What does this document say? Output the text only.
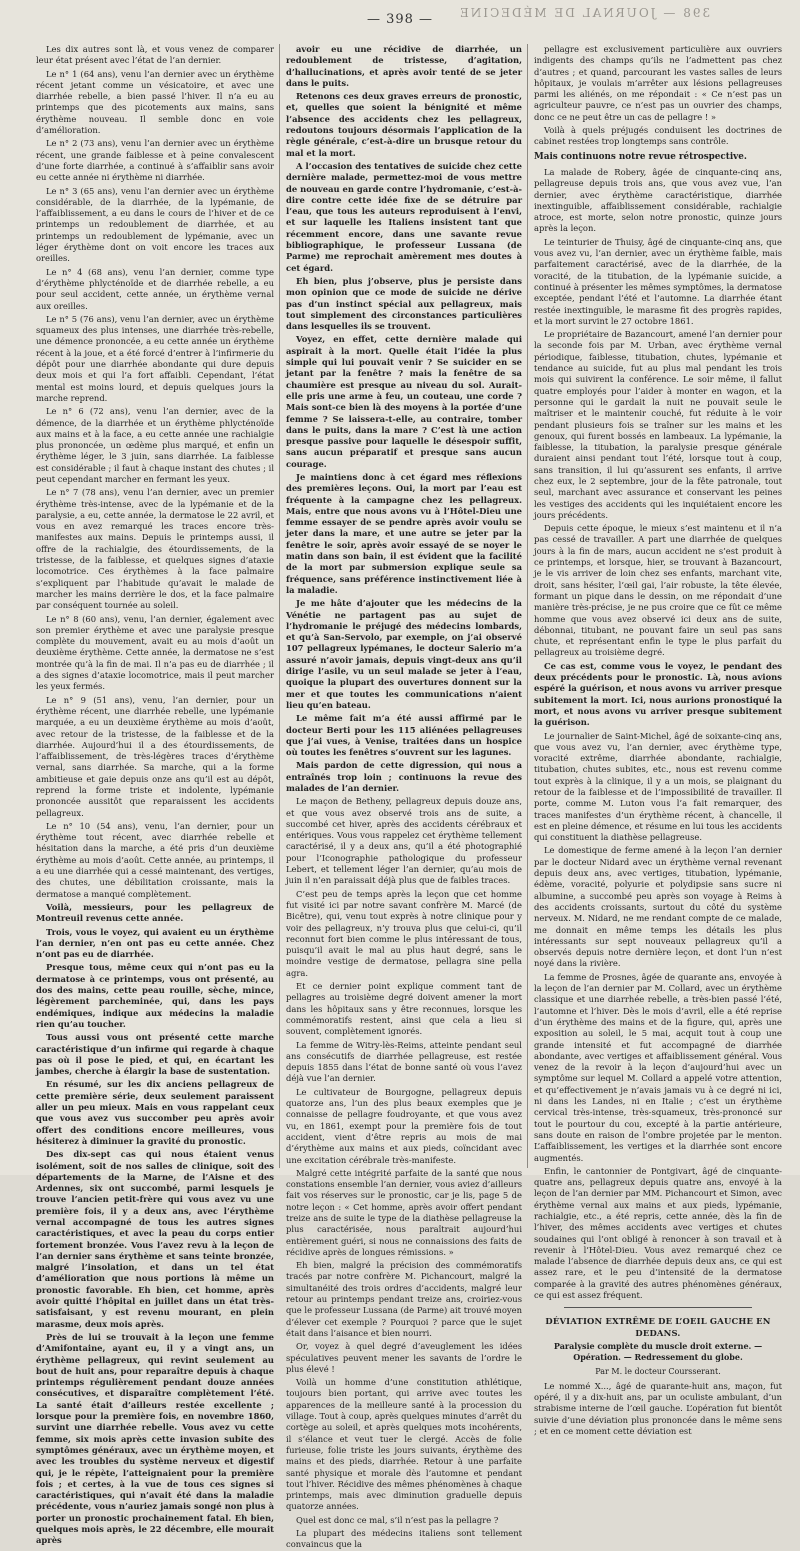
398 — JOURNAL DE MÉDECINE
— 398 —

Les dix autres sont là, et vous venez de comparer leur état présent avec l’état de l’an dernier.

Le n° 1 (64 ans), venu l’an dernier avec un érythème récent jetant comme un vésicatoire, et avec une diarrhée rebelle, a bien passé l’hiver. Il n’a eu au printemps que des picotements aux mains, sans érythème nouveau. Il semble donc en voie d’amélioration.

Le n° 2 (73 ans), venu l’an dernier avec un érythème récent, une grande faiblesse et à peine convalescent d’une forte diarrhée, a continué à s’affaiblir sans avoir eu cette année ni érythème ni diarrhée.

Le n° 3 (65 ans), venu l’an dernier avec un érythème considérable, de la diarrhée, de la lypémanie, de l’affaiblissement, a eu dans le cours de l’hiver et de ce printemps un redoublement de diarrhée, et au printemps un redoublement de lypémanie, avec un léger érythème dont on voit encore les traces aux oreilles.

Le n° 4 (68 ans), venu l’an dernier, comme type d’érythème phlycténoïde et de diarrhée rebelle, a eu pour seul accident, cette année, un érythème vernal aux oreilles.

Le n° 5 (76 ans), venu l’an dernier, avec un érythème squameux des plus intenses, une diarrhée très-rebelle, une démence prononcée, a eu cette année un érythème récent à la joue, et a été forcé d’entrer à l’infirmerie du dépôt pour une diarrhée abondante qui dure depuis deux mois et qui l’a fort affaibli. Cependant, l’état mental est moins lourd, et depuis quelques jours la marche reprend.

Le n° 6 (72 ans), venu l’an dernier, avec de la démence, de la diarrhée et un érythème phlycténoïde aux mains et à la face, a eu cette année une rachialgie plus prononcée, un œdème plus marqué, et enfin un érythème léger, le 3 juin, sans diarrhée. La faiblesse est considérable ; il faut à chaque instant des chutes ; il peut cependant marcher en fermant les yeux.

Le n° 7 (78 ans), venu l’an dernier, avec un premier érythème très-intense, avec de la lypémanie et de la paralysie, a eu, cette année, la dermatose le 22 avril, et vous en avez remarqué les traces encore très-manifestes aux mains. Depuis le printemps aussi, il offre de la rachialgie, des étourdissements, de la tristesse, de la faiblesse, et quelques signes d’ataxie locomotrice. Ces érythèmes à la face palmaire s’expliquent par l’habitude qu’avait le malade de marcher les mains derrière le dos, et la face palmaire par conséquent tournée au soleil.

Le n° 8 (60 ans), venu, l’an dernier, également avec son premier érythème et avec une paralysie presque complète du mouvement, avait eu au mois d’août un deuxième érythème. Cette année, la dermatose ne s’est montrée qu’à la fin de mai. Il n’a pas eu de diarrhée ; il a des signes d’ataxie locomotrice, mais il peut marcher les yeux fermés.

Le n° 9 (51 ans), venu, l’an dernier, pour un érythème récent, une diarrhée rebelle, une lypémanie marquée, a eu un deuxième érythème au mois d’août, avec retour de la tristesse, de la faiblesse et de la diarrhée. Aujourd’hui il a des étourdissements, de l’affaiblissement, de très-légères traces d’érythème vernal, sans diarrhée. Sa marche, qui a la forme ambitieuse et gaie depuis onze ans qu’il est au dépôt, reprend la forme triste et indolente, lypémanie prononcée aussitôt que reparaissent les accidents pellagreux.

Le n° 10 (54 ans), venu, l’an dernier, pour un érythème tout récent, avec diarrhée rebelle et hésitation dans la marche, a été pris d’un deuxième érythème au mois d’août. Cette année, au printemps, il a eu une diarrhée qui a cessé maintenant, des vertiges, des chutes, une débilitation croissante, mais la dermatose a manqué complètement.

Voilà, messieurs, pour les pellagreux de Montreuil revenus cette année.

Trois, vous le voyez, qui avaient eu un érythème l’an dernier, n’en ont pas eu cette année. Chez n’ont pas eu de diarrhée.

Presque tous, même ceux qui n’ont pas eu la dermatose à ce printemps, vous ont présenté, au dos des mains, cette peau rouille, sèche, mince, légèrement parcheminée, qui, dans les pays endémiques, indique aux médecins la maladie rien qu’au toucher.

Tous aussi vous ont présenté cette marche caractéristique d’un infirme qui regarde à chaque pas où il pose le pied, et qui, en écartant les jambes, cherche à élargir la base de sustentation.

En résumé, sur les dix anciens pellagreux de cette première série, deux seulement paraissent aller un peu mieux. Mais en vous rappelant ceux que vous avez vus succomber peu après avoir offert des conditions encore meilleures, vous hésiterez à diminuer la gravité du pronostic.

Des dix-sept cas qui nous étaient venus isolément, soit de nos salles de clinique, soit des départements de la Marne, de l’Aisne et des Ardennes, six ont succombé, parmi lesquels je trouve l’ancien petit-frère qui vous avez vu une première fois, il y a deux ans, avec l’érythème vernal accompagné de tous les autres signes caractéristiques, et avec la peau du corps entier fortement bronzée. Vous l’avez revu à la leçon de l’an dernier sans érythème et sans teinte bronzée, malgré l’insolation, et dans un tel état d’amélioration que nous portions là même un pronostic favorable. Eh bien, cet homme, après avoir quitté l’hôpital en juillet dans un état très-satisfaisant, y est revenu mourant, en plein marasme, deux mois après.

Près de lui se trouvait à la leçon une femme d’Amifontaine, ayant eu, il y a vingt ans, un érythème pellagreux, qui revint seulement au bout de huit ans, pour reparaître depuis à chaque printemps régulièrement pendant douze années consécutives, et disparaître complètement l’été. La santé était d’ailleurs restée excellente ; lorsque pour la première fois, en novembre 1860, survint une diarrhée rebelle. Vous avez vu cette femme, six mois après cette invasion subite des symptômes généraux, avec un érythème moyen, et avec les troubles du système nerveux et digestif qui, je le répète, l’atteignaient pour la première fois ; et certes, à la vue de tous ces signes si caractéristiques, qui n’avait été dans la maladie précédente, vous n’auriez jamais songé non plus à porter un pronostic prochainement fatal. Eh bien, quelques mois après, le 22 décembre, elle mourait après

avoir eu une récidive de diarrhée, un redoublement de tristesse, d’agitation, d’hallucinations, et après avoir tenté de se jeter dans le puits.

Retenons ces deux graves erreurs de pronostic, et, quelles que soient la bénignité et même l’absence des accidents chez les pellagreux, redoutons toujours désormais l’application de la règle générale, c’est-à-dire un brusque retour du mal et la mort.

A l’occasion des tentatives de suicide chez cette dernière malade, permettez-moi de vous mettre de nouveau en garde contre l’hydromanie, c’est-à-dire contre cette idée fixe de se détruire par l’eau, que tous les auteurs reproduisent à l’envi, et sur laquelle les Italiens insistent tant que récemment encore, dans une savante revue bibliographique, le professeur Lussana (de Parme) me reprochait amèrement mes doutes à cet égard.

Eh bien, plus j’observe, plus je persiste dans mon opinion que ce mode de suicide ne dérive pas d’un instinct spécial aux pellagreux, mais tout simplement des circonstances particulières dans lesquelles ils se trouvent.

Voyez, en effet, cette dernière malade qui aspirait à la mort. Quelle était l’idée la plus simple qui lui pouvait venir ? Se suicider en se jetant par la fenêtre ? mais la fenêtre de sa chaumière est presque au niveau du sol. Aurait-elle pris une arme à feu, un couteau, une corde ? Mais sont-ce bien là des moyens à la portée d’une femme ? Se laissera-t-elle, au contraire, tomber dans le puits, dans la mare ? C’est là une action presque passive pour laquelle le désespoir suffit, sans aucun préparatif et presque sans aucun courage.

Je maintiens donc à cet égard mes réflexions des premières leçons. Oui, la mort par l’eau est fréquente à la campagne chez les pellagreux. Mais, entre que nous avons vu à l’Hôtel-Dieu une femme essayer de se pendre après avoir voulu se jeter dans la mare, et une autre se jeter par la fenêtre le soir, après avoir essayé de se noyer le matin dans son bain, il est évident que la facilité de la mort par submersion explique seule sa fréquence, sans préférence instinctivement liée à la maladie.

Je me hâte d’ajouter que les médecins de la Vénétie ne partagent pas au sujet de l’hydromanie le préjugé des médecins lombards, et qu’à San-Servolo, par exemple, on j’ai observé 107 pellagreux lypémanes, le docteur Salerio m’a assuré n’avoir jamais, depuis vingt-deux ans qu’il dirige l’asile, vu un seul malade se jeter à l’eau, quoique la plupart des ouvertures donnent sur la mer et que toutes les communications n’aient lieu qu’en bateau.

Le même fait m’a été aussi affirmé par le docteur Berti pour les 115 aliénées pellagreuses que j’ai vues, à Venise, traitées dans un hospice où toutes les fenêtres s’ouvrent sur les lagunes.

Mais pardon de cette digression, qui nous a entraînés trop loin ; continuons la revue des malades de l’an dernier.

Le maçon de Betheny, pellagreux depuis douze ans, et que vous avez observé trois ans de suite, a succombé cet hiver, après des accidents cérébraux et entériques. Vous vous rappelez cet érythème tellement caractérisé, il y a deux ans, qu’il a été photographié pour l’Iconographie pathologique du professeur Lebert, et tellement léger l’an dernier, qu’au mois de juin il n’en paraissait déjà plus que de faibles traces.

C’est peu de temps après la leçon que cet homme fut visité ici par notre savant confrère M. Marcé (de Bicêtre), qui, venu tout exprès à notre clinique pour y voir des pellagreux, n’y trouva plus que celui-ci, qu’il reconnut fort bien comme le plus intéressant de tous, puisqu’il avait le mal au plus haut degré, sans le moindre vestige de dermatose, pellagra sine pella agra.

Et ce dernier point explique comment tant de pellagres au troisième degré doivent amener la mort dans les hôpitaux sans y être reconnues, lorsque les commémoratifs restent, ainsi que cela a lieu si souvent, complètement ignorés.

La femme de Witry-lès-Reims, atteinte pendant seul ans consécutifs de diarrhée pellagreuse, est restée depuis 1855 dans l’état de bonne santé où vous l’avez déjà vue l’an dernier.

Le cultivateur de Bourgogne, pellagreux depuis quatorze ans, l’un des plus beaux exemples que je connaisse de pellagre foudroyante, et que vous avez vu, en 1861, exempt pour la première fois de tout accident, vient d’être repris au mois de mai d’érythème aux mains et aux pieds, coïncidant avec une excitation cérébrale très-manifeste.

Malgré cette intégrité parfaite de la santé que nous constations ensemble l’an dernier, vous aviez d’ailleurs fait vos réserves sur le pronostic, car je lis, page 5 de notre leçon : « Cet homme, après avoir offert pendant treize ans de suite le type de la diathèse pellagreuse la plus caractérisée, nous paraîtrait aujourd’hui entièrement guéri, si nous ne connaissions des faits de récidive après de longues rémissions. »

Eh bien, malgré la précision des commémoratifs tracés par notre confrère M. Pichancourt, malgré la simultanéité des trois ordres d’accidents, malgré leur retour au printemps pendant treize ans, croiriez-vous que le professeur Lussana (de Parme) ait trouvé moyen d’élever cet exemple ? Pourquoi ? parce que le sujet était dans l’aisance et bien nourri.

Or, voyez à quel degré d’aveuglement les idées spéculatives peuvent mener les savants de l’ordre le plus élevé !

Voilà un homme d’une constitution athlétique, toujours bien portant, qui arrive avec toutes les apparences de la meilleure santé à la procession du village. Tout à coup, après quelques minutes d’arrêt du cortège au soleil, et après quelques mots incohérents, il s’élance et veut tuer le clergé. Accès de folie furieuse, folie triste les jours suivants, érythème des mains et des pieds, diarrhée. Retour à une parfaite santé physique et morale dès l’automne et pendant tout l’hiver. Récidive des mêmes phénomènes à chaque printemps, mais avec diminution graduelle depuis quatorze années.

Quel est donc ce mal, s’il n’est pas la pellagre ?

La plupart des médecins italiens sont tellement convaincus que la

pellagre est exclusivement particulière aux ouvriers indigents des champs qu’ils ne l’admettent pas chez d’autres ; et quand, parcourant les vastes salles de leurs hôpitaux, je voulais m’arrêter aux lésions pellagreuses parmi les aliénés, on me répondait : « Ce n’est pas un agriculteur pauvre, ce n’est pas un ouvrier des champs, donc ce ne peut être un cas de pellagre ! »

Voilà à quels préjugés conduisent les doctrines de cabinet restées trop longtemps sans contrôle.

Mais continuons notre revue rétrospective.

La malade de Robery, âgée de cinquante-cinq ans, pellagreuse depuis trois ans, que vous avez vue, l’an dernier, avec érythème caractéristique, diarrhée inextinguible, affaiblissement considérable, rachialgie atroce, est morte, selon notre pronostic, quinze jours après la leçon.

Le teinturier de Thuisy, âgé de cinquante-cinq ans, que vous avez vu, l’an dernier, avec un érythème faible, mais parfaitement caractérisé, avec de la diarrhée, de la voracité, de la titubation, de la lypémanie suicide, a continué à présenter les mêmes symptômes, la dermatose exceptée, pendant l’été et l’automne. La diarrhée étant restée inextinguible, le marasme fit des progrès rapides, et la mort survint le 27 octobre 1861.

Le propriétaire de Bazancourt, amené l’an dernier pour la seconde fois par M. Urban, avec érythème vernal périodique, faiblesse, titubation, chutes, lypémanie et tendance au suicide, fut au plus mal pendant les trois mois qui suivirent la conférence. Le soir même, il fallut quatre employés pour l’aider à monter en wagon, et la personne qui le gardait la nuit ne pouvait seule le maîtriser et le maintenir couché, fut réduite à le voir pendant plusieurs fois se traîner sur les mains et les genoux, qui furent bossés en lambeaux. La lypémanie, la faiblesse, la titubation, la paralysie presque générale duraient ainsi pendant tout l’été, lorsque tout à coup, sans transition, il lui qu’assurent ses enfants, il arrive chez eux, le 2 septembre, jour de la fête patronale, tout seul, marchant avec assurance et conservant les peines les vestiges des accidents qui les inquiétaient encore les jours précédents.

Depuis cette époque, le mieux s’est maintenu et il n’a pas cessé de travailler. A part une diarrhée de quelques jours à la fin de mars, aucun accident ne s’est produit à ce printemps, et lorsque, hier, se trouvant à Bazancourt, je le vis arriver de loin chez ses enfants, marchant vite, droit, sans hésiter, l’œil gai, l’air robuste, la tête élevée, formant un pique dans le dessin, on me répondait d’une manière très-précise, je ne pus croire que ce fût ce même homme que vous avez observé ici deux ans de suite, débonnai, titubant, ne pouvant faire un seul pas sans chute, et représentant enfin le type le plus parfait du pellagreux au troisième degré.

Ce cas est, comme vous le voyez, le pendant des deux précédents pour le pronostic. Là, nous avions espéré la guérison, et nous avons vu arriver presque subitement la mort. Ici, nous aurions pronostiqué la mort, et nous avons vu arriver presque subitement la guérison.

Le journalier de Saint-Michel, âgé de soixante-cinq ans, que vous avez vu, l’an dernier, avec érythème type, voracité extrême, diarrhée abondante, rachialgie, titubation, chutes subites, etc., nous est revenu comme tout exprès à la clinique, il y a un mois, se plaignant du retour de la faiblesse et de l’impossibilité de travailler. Il porte, comme M. Luton vous l’a fait remarquer, des traces manifestes d’un érythème récent, à chancelle, il est en pleine démence, et résume en lui tous les accidents qui constituent la diathèse pellagreuse.

Le domestique de ferme amené à la leçon l’an dernier par le docteur Nidard avec un érythème vernal revenant depuis deux ans, avec vertiges, titubation, lypémanie, édème, voracité, polyurie et polydipsie sans sucre ni albumine, a succombé peu après son voyage à Reims à des accidents croissants, surtout du côté du système nerveux. M. Nidard, ne me rendant compte de ce malade, me donnait en même temps les détails les plus intéressants sur sept nouveaux pellagreux qu’il a observés depuis notre dernière leçon, et dont l’un n’est noyé dans la rivière.

La femme de Prosnes, âgée de quarante ans, envoyée à la leçon de l’an dernier par M. Collard, avec un érythème classique et une diarrhée rebelle, a très-bien passé l’été, l’automne et l’hiver. Dès le mois d’avril, elle a été reprise d’un érythème des mains et de la figure, qui, après une exposition au soleil, le 5 mai, acquit tout à coup une grande intensité et fut accompagné de diarrhée abondante, avec vertiges et affaiblissement général. Vous venez de la revoir à la leçon d’aujourd’hui avec un symptôme sur lequel M. Collard a appelé votre attention, et qu’effectivement je n’avais jamais vu à ce degré ni ici, ni dans les Landes, ni en Italie ; c’est un érythème cervical très-intense, très-squameux, très-prononcé sur tout le pourtour du cou, excepté à la partie antérieure, sans doute en raison de l’ombre projetée par le menton. L’affaiblissement, les vertiges et la diarrhée sont encore augmentés.

Enfin, le cantonnier de Pontgivart, âgé de cinquante-quatre ans, pellagreux depuis quatre ans, envoyé à la leçon de l’an dernier par MM. Pichancourt et Simon, avec érythème vernal aux mains et aux pieds, lypémanie, rachialgie, etc., a été repris, cette année, dès la fin de l’hiver, des mêmes accidents avec vertiges et chutes soudaines qui l’ont obligé à renoncer à son travail et à revenir à l’Hôtel-Dieu. Vous avez remarqué chez ce malade l’absence de diarrhée depuis deux ans, ce qui est assez rare, et le peu d’intensité de la dermatose comparée à la gravité des autres phénomènes généraux, ce qui est assez fréquent.

DÉVIATION EXTRÊME DE L’OEIL GAUCHE EN DEDANS.

Paralysie complète du muscle droit externe. — Opération. — Redressement du globe.

Par M. le docteur Coursserant.

Le nommé X..., âgé de quarante-huit ans, maçon, fut opéré, il y a dix-huit ans, par un oculiste ambulant, d’un strabisme interne de l’œil gauche. L’opération fut bientôt suivie d’une déviation plus prononcée dans le même sens ; et en ce moment cette déviation est
